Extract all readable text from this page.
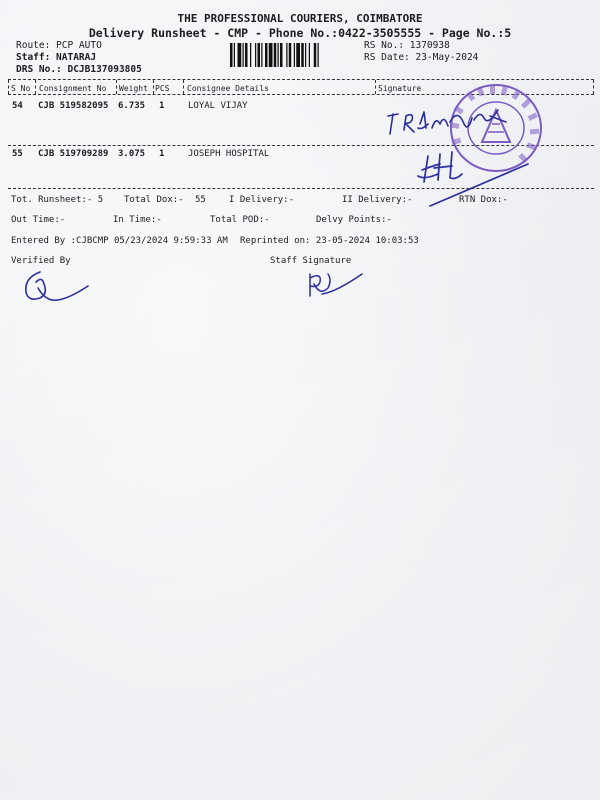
THE PROFESSIONAL COURIERS, COIMBATORE
Delivery Runsheet - CMP - Phone No.:0422-3505555 - Page No.:5
Route: PCP AUTO
Staff: NATARAJ
DRS No.: DCJB137093805
RS No.: 1370938
RS Date: 23-May-2024
S No Consignment No Weight PCS Consignee Details	Signature
54 CJB 519582095 6.735 1	LOYAL VIJAY
55 CJB 519709289 3.075 1	JOSEPH HOSPITAL
Tot. Runsheet:- 5 Total Dox:- 55	I Delivery:-	II Delivery:-	RTN Dox:-
Out Time:-	In Time:-	Total POD:-	Delvy Points:-
Entered By :CJBCMP 05/23/2024 9:59:33 AM Reprinted on: 23-05-2024 10:03:53
Verified By	Staff Signature
